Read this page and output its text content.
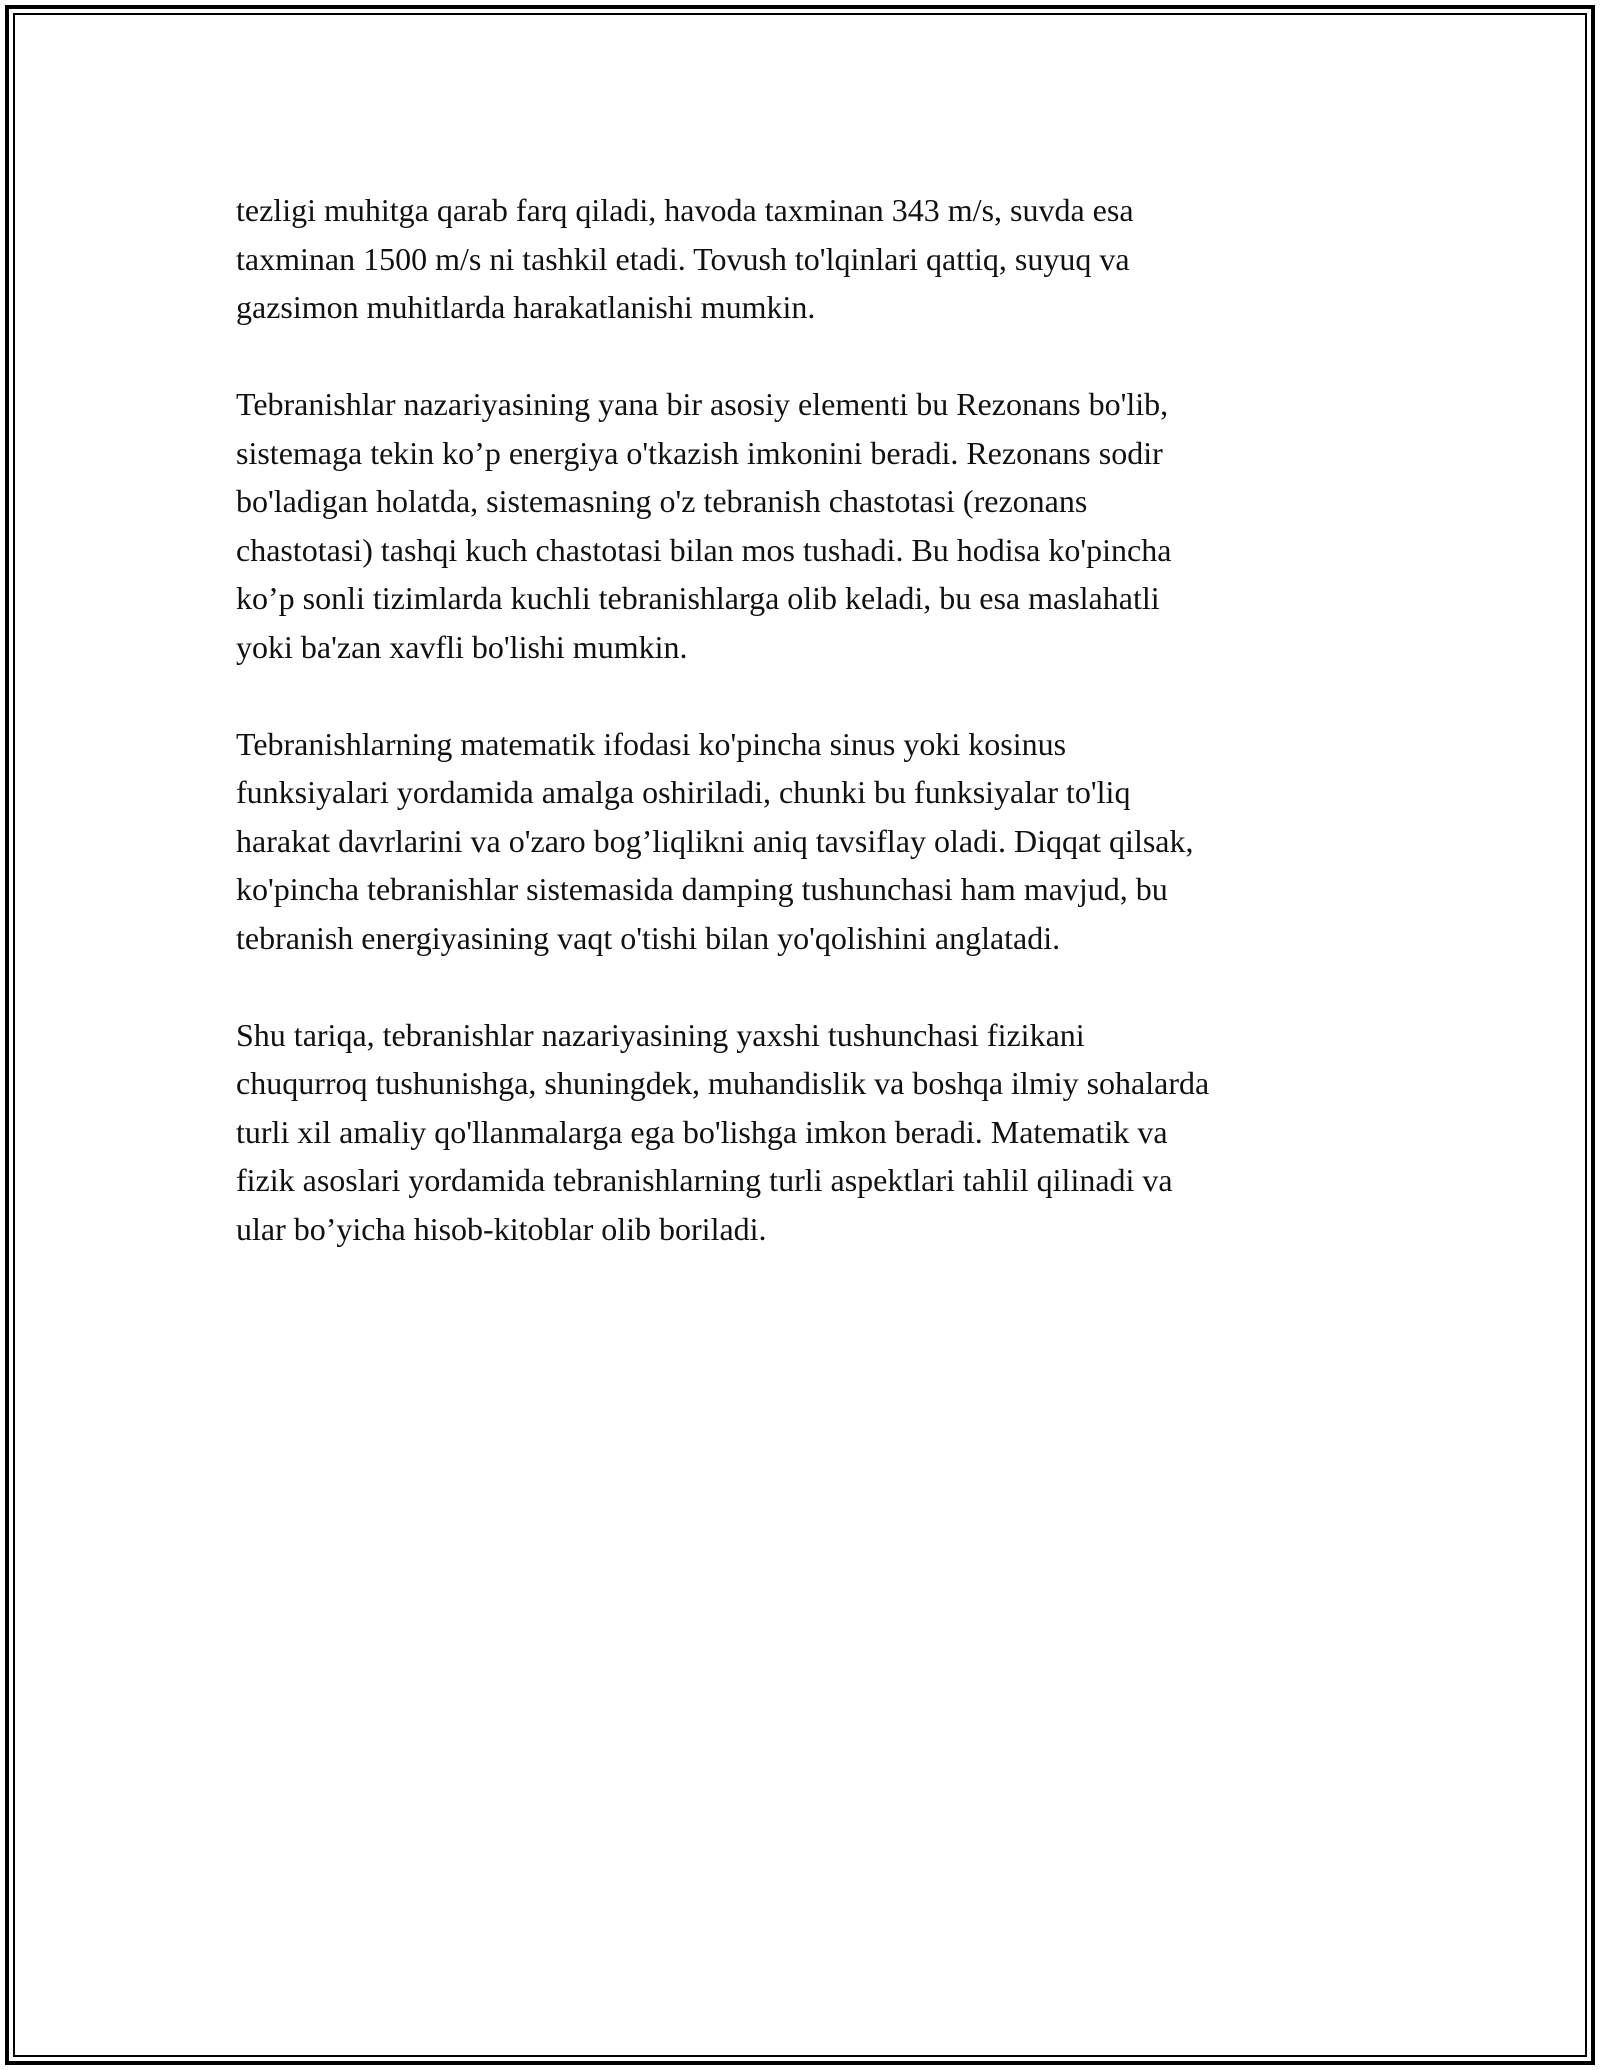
tezligi muhitga qarab farq qiladi, havoda taxminan 343 m/s, suvda esa
taxminan 1500 m/s ni tashkil etadi. Tovush to'lqinlari qattiq, suyuq va
gazsimon muhitlarda harakatlanishi mumkin.

Tebranishlar nazariyasining yana bir asosiy elementi bu Rezonans bo'lib,
sistemaga tekin ko’p energiya o'tkazish imkonini beradi. Rezonans sodir
bo'ladigan holatda, sistemasning o'z tebranish chastotasi (rezonans
chastotasi) tashqi kuch chastotasi bilan mos tushadi. Bu hodisa ko'pincha
ko’p sonli tizimlarda kuchli tebranishlarga olib keladi, bu esa maslahatli
yoki ba'zan xavfli bo'lishi mumkin.

Tebranishlarning matematik ifodasi ko'pincha sinus yoki kosinus
funksiyalari yordamida amalga oshiriladi, chunki bu funksiyalar to'liq
harakat davrlarini va o'zaro bog’liqlikni aniq tavsiflay oladi. Diqqat qilsak,
ko'pincha tebranishlar sistemasida damping tushunchasi ham mavjud, bu
tebranish energiyasining vaqt o'tishi bilan yo'qolishini anglatadi.

Shu tariqa, tebranishlar nazariyasining yaxshi tushunchasi fizikani
chuqurroq tushunishga, shuningdek, muhandislik va boshqa ilmiy sohalarda
turli xil amaliy qo'llanmalarga ega bo'lishga imkon beradi. Matematik va
fizik asoslari yordamida tebranishlarning turli aspektlari tahlil qilinadi va
ular bo’yicha hisob-kitoblar olib boriladi.
